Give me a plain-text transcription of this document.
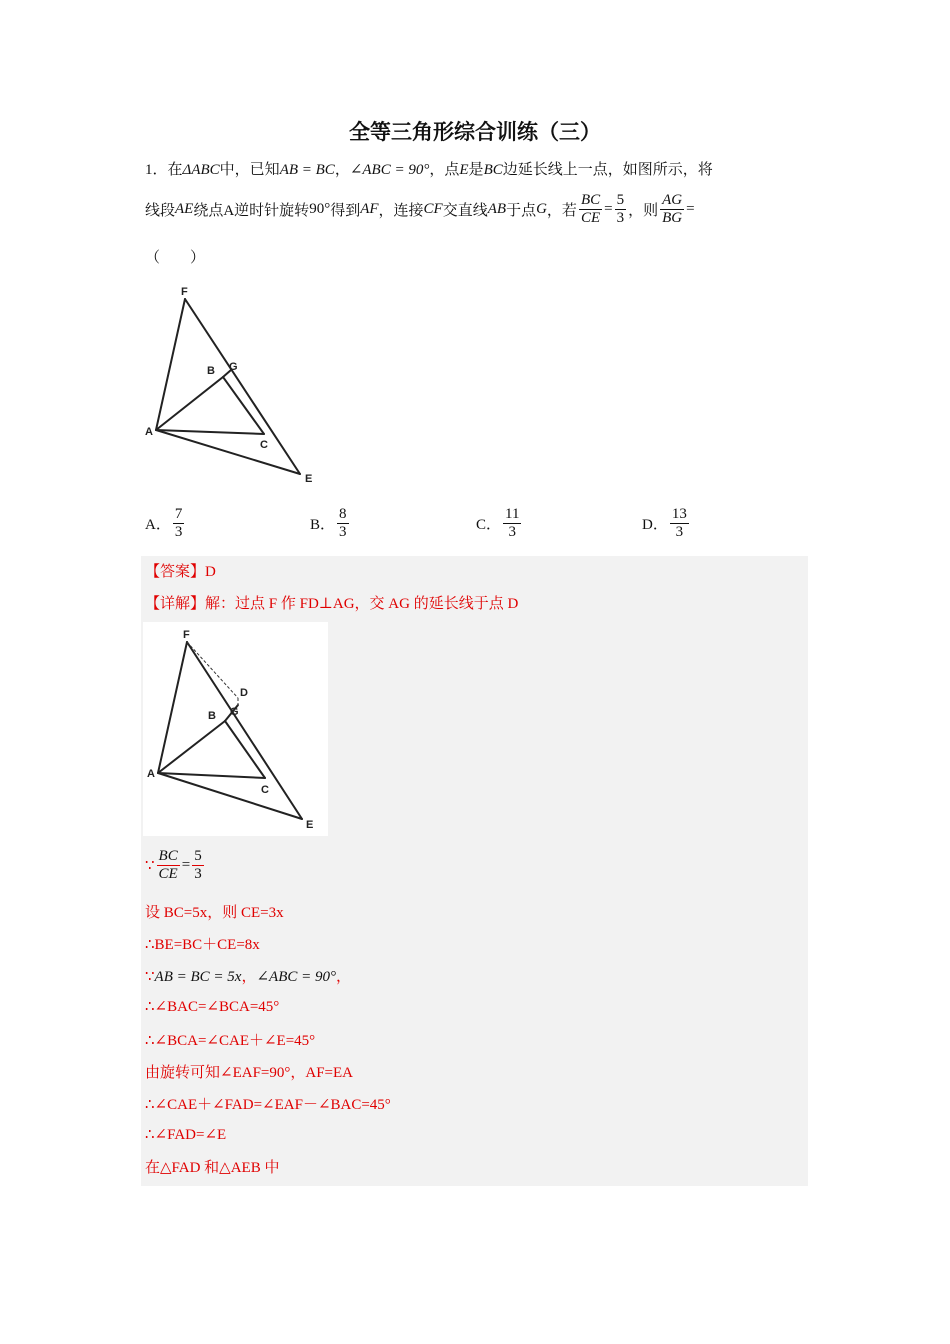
全等三角形综合训练（三）
1．在ΔABC中，已知AB = BC，∠ABC = 90°，点E是BC边延长线上一点，如图所示，将
线段 AE 绕点A逆时针旋转 90° 得到 AF ，连接 CF 交直线 AB 于点 G ，若 $\frac{BC}{CE} = \frac{5}{3}$ ，则 $\frac{AG}{BG}$ =
（　　）
F
G
B
A
C
E
A． $\frac{7}{3}$	B． $\frac{8}{3}$	C． $\frac{11}{3}$	D． $\frac{13}{3}$
【答案】D
【详解】解：过点 F 作 FD⊥AG，交 AG 的延长线于点 D
F
D
G
B
A
C
E
∵ $\frac{BC}{CE} = \frac{5}{3}$
设 BC=5x，则 CE=3x
∴BE=BC＋CE=8x
∵AB = BC = 5x，∠ABC = 90°，
∴∠BAC=∠BCA=45°
∴∠BCA=∠CAE＋∠E=45°
由旋转可知∠EAF=90°，AF=EA
∴∠CAE＋∠FAD=∠EAF－∠BAC=45°
∴∠FAD=∠E
在△FAD 和△AEB 中
